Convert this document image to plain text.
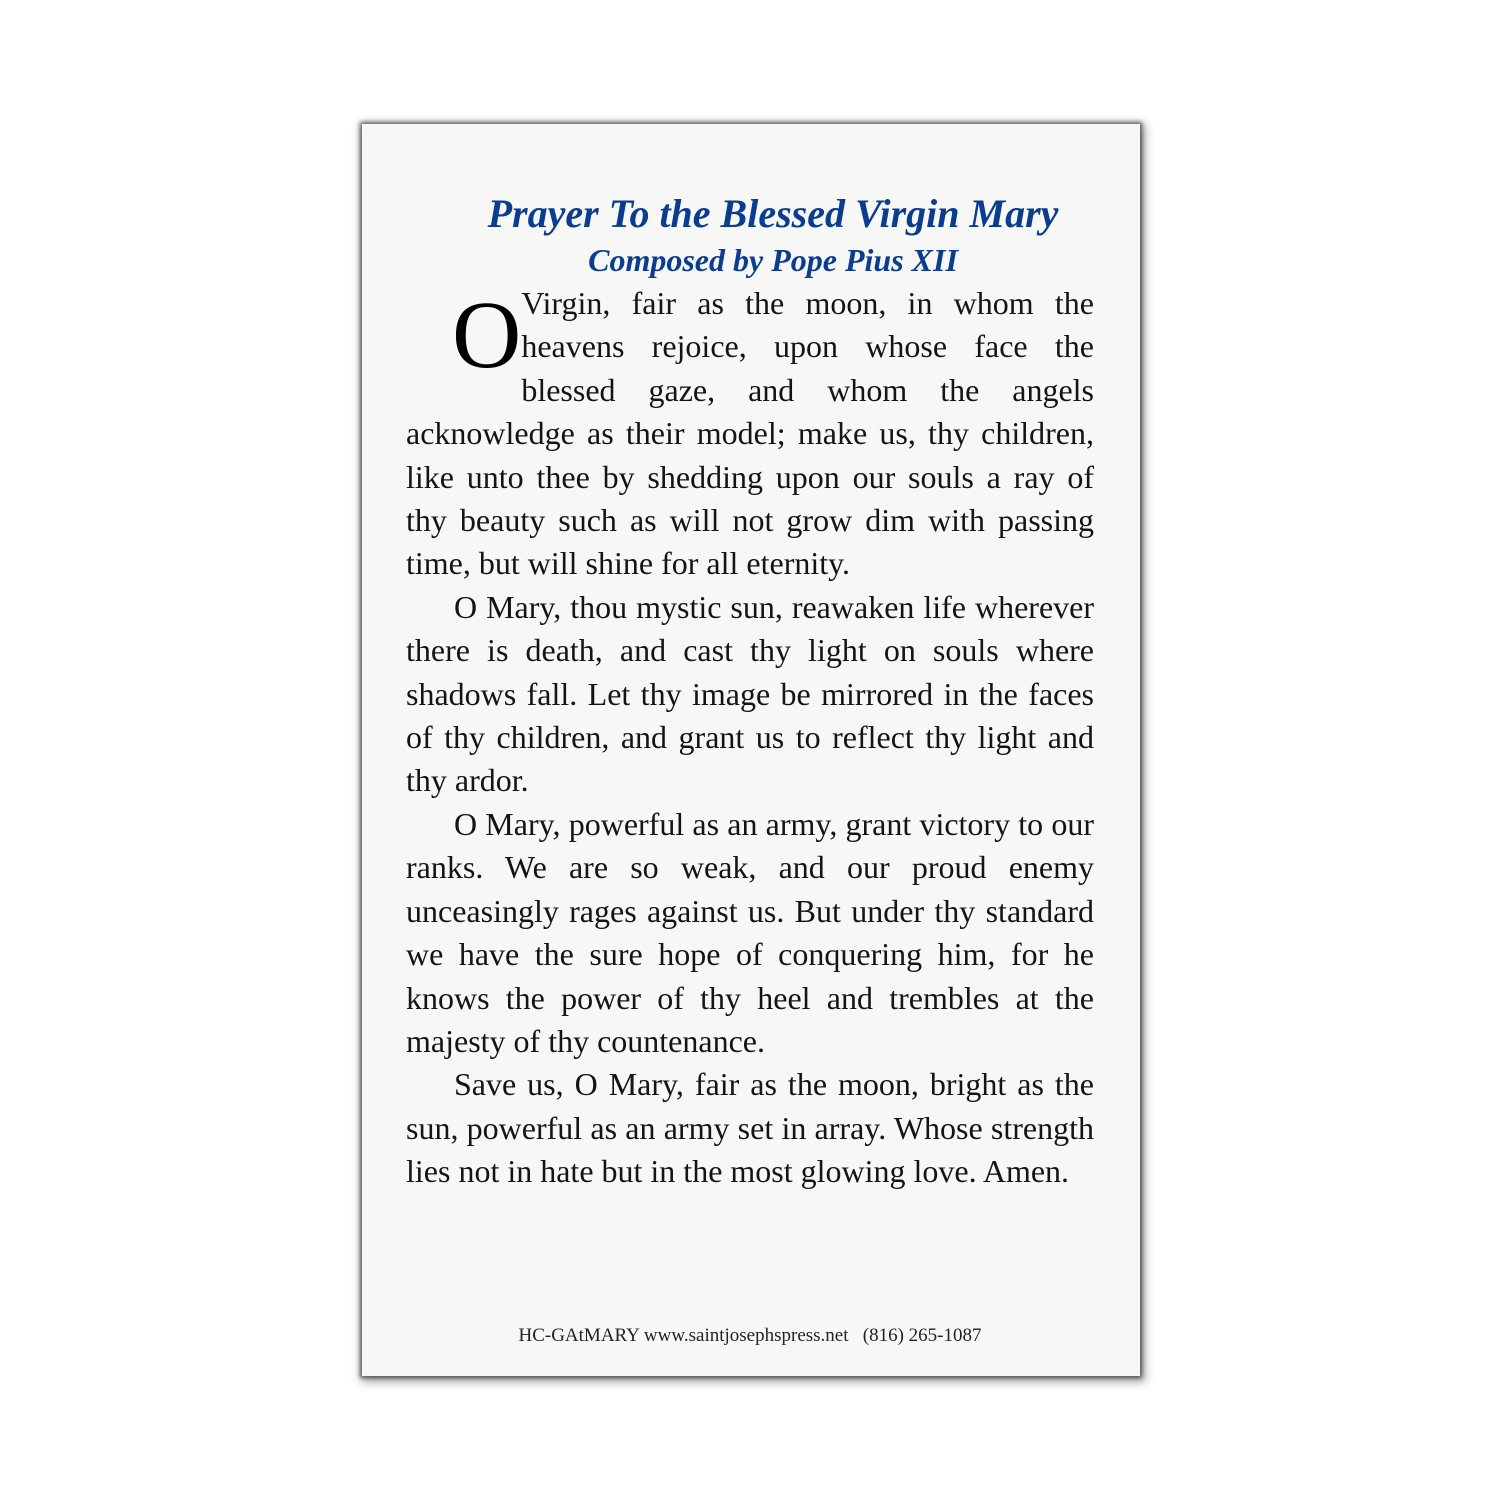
Prayer To the Blessed Virgin Mary
Composed by Pope Pius XII

O Virgin, fair as the moon, in whom the heavens rejoice, upon whose face the blessed gaze, and whom the angels acknowledge as their model; make us, thy children, like unto thee by shedding upon our souls a ray of thy beauty such as will not grow dim with passing time, but will shine for all eternity.

O Mary, thou mystic sun, reawaken life wherever there is death, and cast thy light on souls where shadows fall. Let thy image be mirrored in the faces of thy children, and grant us to reflect thy light and thy ardor.

O Mary, powerful as an army, grant victory to our ranks. We are so weak, and our proud enemy unceasingly rages against us. But under thy standard we have the sure hope of conquering him, for he knows the power of thy heel and trembles at the majesty of thy countenance.

Save us, O Mary, fair as the moon, bright as the sun, powerful as an army set in array. Whose strength lies not in hate but in the most glowing love. Amen.

HC-GAtMARY www.saintjosephspress.net   (816) 265-1087
